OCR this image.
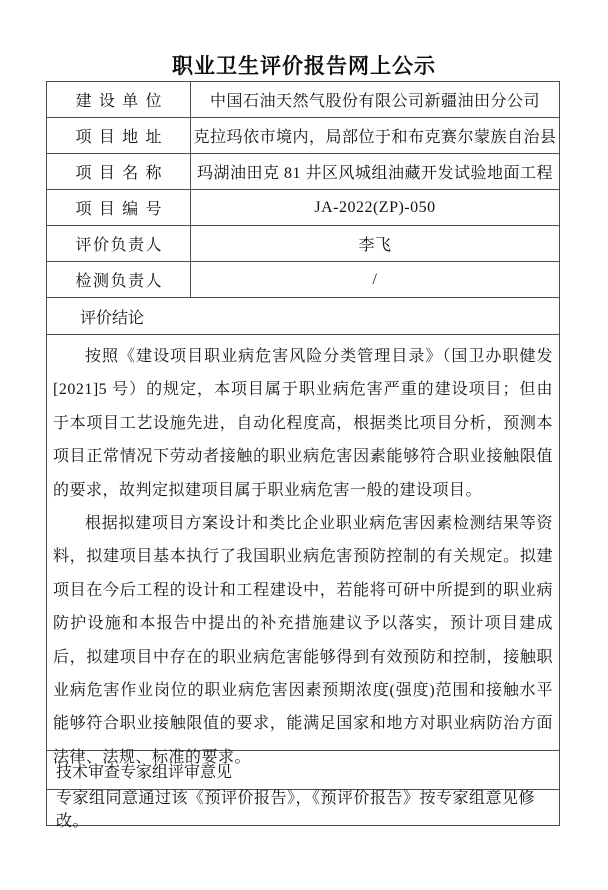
职业卫生评价报告网上公示
建设单位	中国石油天然气股份有限公司新疆油田分公司
项目地址 克拉玛依市境内，局部位于和布克赛尔蒙族自治县
项目名称	玛湖油田克 81 井区风城组油藏开发试验地面工程
项目编号	JA-2022(ZP)-050
评价负责人	李飞
检测负责人	/
评价结论

按照《建设项目职业病危害风险分类管理目录》（国卫办职健发[2021]5 号）的规定，本项目属于职业病危害严重的建设项目；但由于本项目工艺设施先进，自动化程度高，根据类比项目分析，预测本项目正常情况下劳动者接触的职业病危害因素能够符合职业接触限值的要求，故判定拟建项目属于职业病危害一般的建设项目。

根据拟建项目方案设计和类比企业职业病危害因素检测结果等资料，拟建项目基本执行了我国职业病危害预防控制的有关规定。拟建项目在今后工程的设计和工程建设中，若能将可研中所提到的职业病防护设施和本报告中提出的补充措施建议予以落实，预计项目建成后，拟建项目中存在的职业病危害能够得到有效预防和控制，接触职业病危害作业岗位的职业病危害因素预期浓度(强度)范围和接触水平能够符合职业接触限值的要求，能满足国家和地方对职业病防治方面法律、法规、标准的要求。

技术审查专家组评审意见
专家组同意通过该《预评价报告》，《预评价报告》按专家组意见修改。
